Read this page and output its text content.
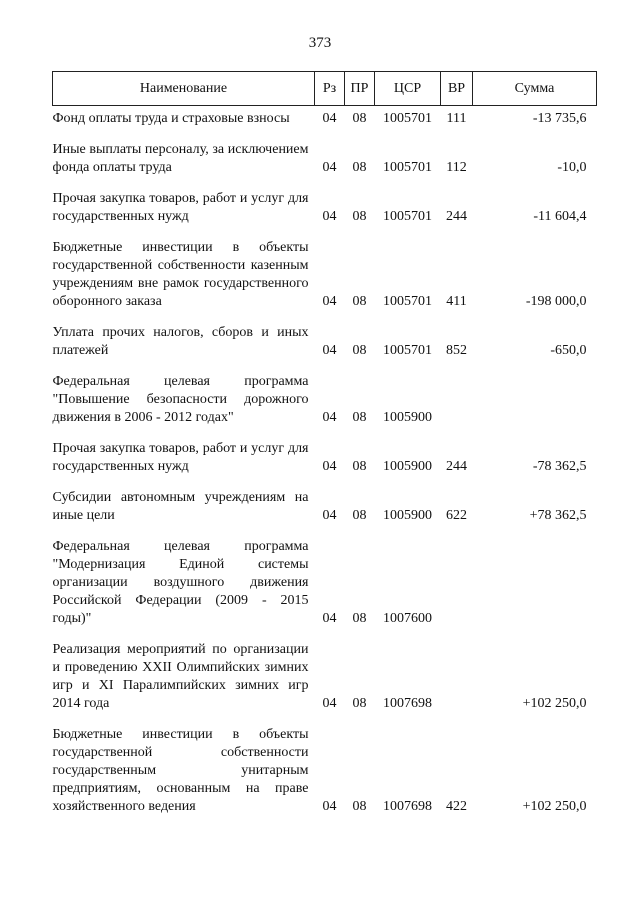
373
Наименование	Рз	ПР	ЦСР	ВР	Сумма

Фонд оплаты труда и страховые взносы	04	08	1005701	111	-13 735,6

Иные выплаты персоналу, за исключением фонда оплаты труда	04	08	1005701	112	-10,0

Прочая закупка товаров, работ и услуг для государственных нужд	04	08	1005701	244	-11 604,4

Бюджетные инвестиции в объекты государственной собственности казенным учреждениям вне рамок государственного оборонного заказа	04	08	1005701	411	-198 000,0

Уплата прочих налогов, сборов и иных платежей	04	08	1005701	852	-650,0

Федеральная целевая программа "Повышение безопасности дорожного движения в 2006 - 2012 годах"	04	08	1005900		

Прочая закупка товаров, работ и услуг для государственных нужд	04	08	1005900	244	-78 362,5

Субсидии автономным учреждениям на иные цели	04	08	1005900	622	+78 362,5

Федеральная целевая программа "Модернизация Единой системы организации воздушного движения Российской Федерации (2009 - 2015 годы)"	04	08	1007600		

Реализация мероприятий по организации и проведению XXII Олимпийских зимних игр и XI Паралимпийских зимних игр 2014 года	04	08	1007698		+102 250,0

Бюджетные инвестиции в объекты государственной собственности государственным унитарным предприятиям, основанным на праве хозяйственного ведения	04	08	1007698	422	+102 250,0
